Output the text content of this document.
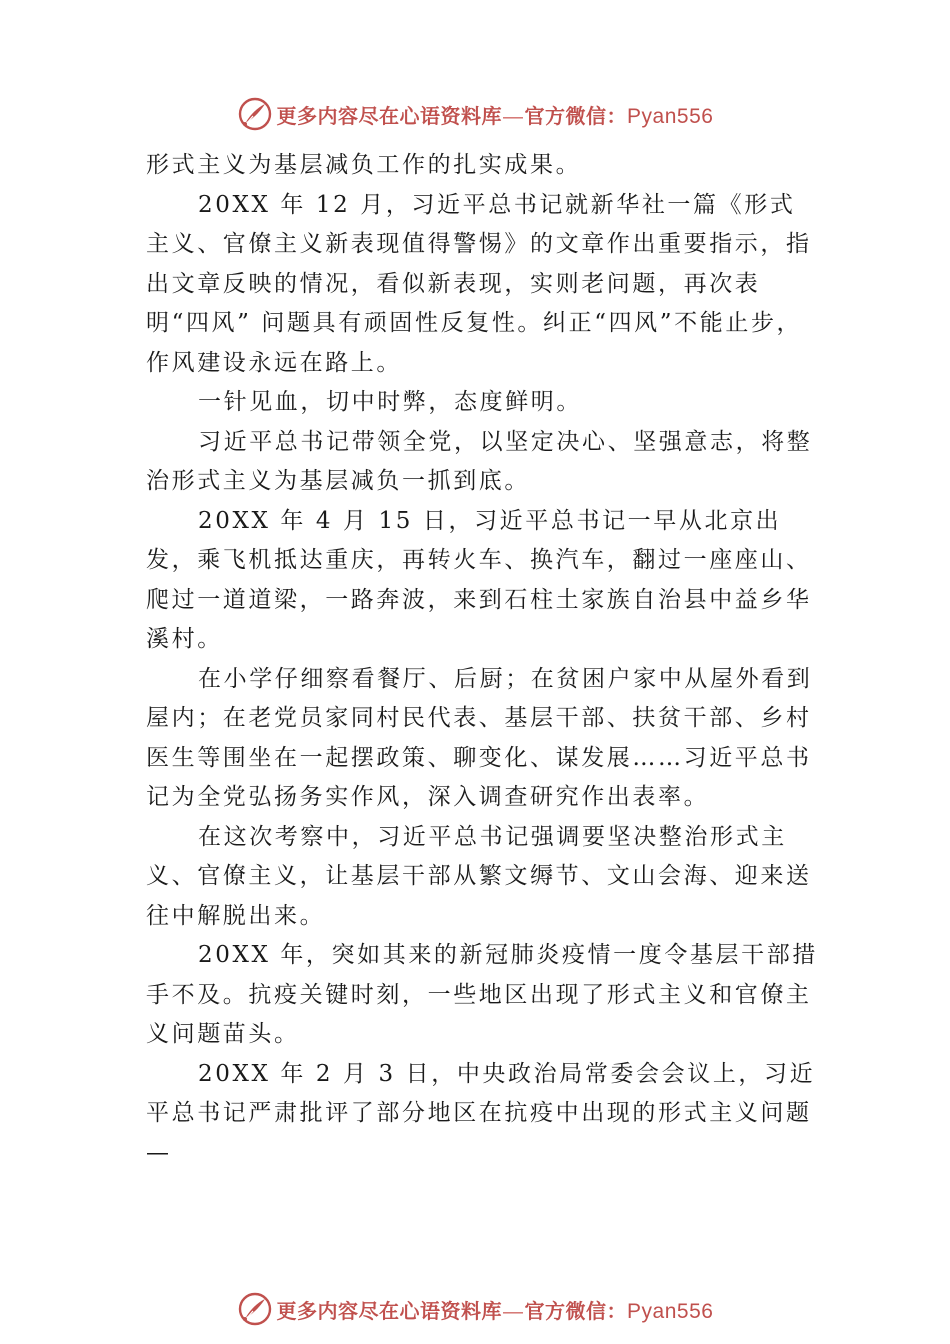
更多内容尽在心语资料库 — 官方微信： Pyan556

形式主义为基层减负工作的扎实成果。

20XX 年 12 月，习近平总书记就新华社一篇《形式主义、官僚主义新表现值得警惕》的文章作出重要指示，指出文章反映的情况，看似新表现，实则老问题，再次表明“四风” 问题具有顽固性反复性。纠正“四风”不能止步，作风建设永远在路上。

一针见血，切中时弊，态度鲜明。

习近平总书记带领全党，以坚定决心、坚强意志，将整治形式主义为基层减负一抓到底。

20XX 年 4 月 15 日，习近平总书记一早从北京出发，乘飞机抵达重庆，再转火车、换汽车，翻过一座座山、爬过一道道梁，一路奔波，来到石柱土家族自治县中益乡华溪村。

在小学仔细察看餐厅、后厨；在贫困户家中从屋外看到屋内；在老党员家同村民代表、基层干部、扶贫干部、乡村医生等围坐在一起摆政策、聊变化、谋发展……习近平总书记为全党弘扬务实作风，深入调查研究作出表率。

在这次考察中，习近平总书记强调要坚决整治形式主义、官僚主义，让基层干部从繁文缛节、文山会海、迎来送往中解脱出来。

20XX 年，突如其来的新冠肺炎疫情一度令基层干部措手不及。抗疫关键时刻，一些地区出现了形式主义和官僚主义问题苗头。

20XX 年 2 月 3 日，中央政治局常委会会议上，习近平总书记严肃批评了部分地区在抗疫中出现的形式主义问题—

更多内容尽在心语资料库 — 官方微信： Pyan556
